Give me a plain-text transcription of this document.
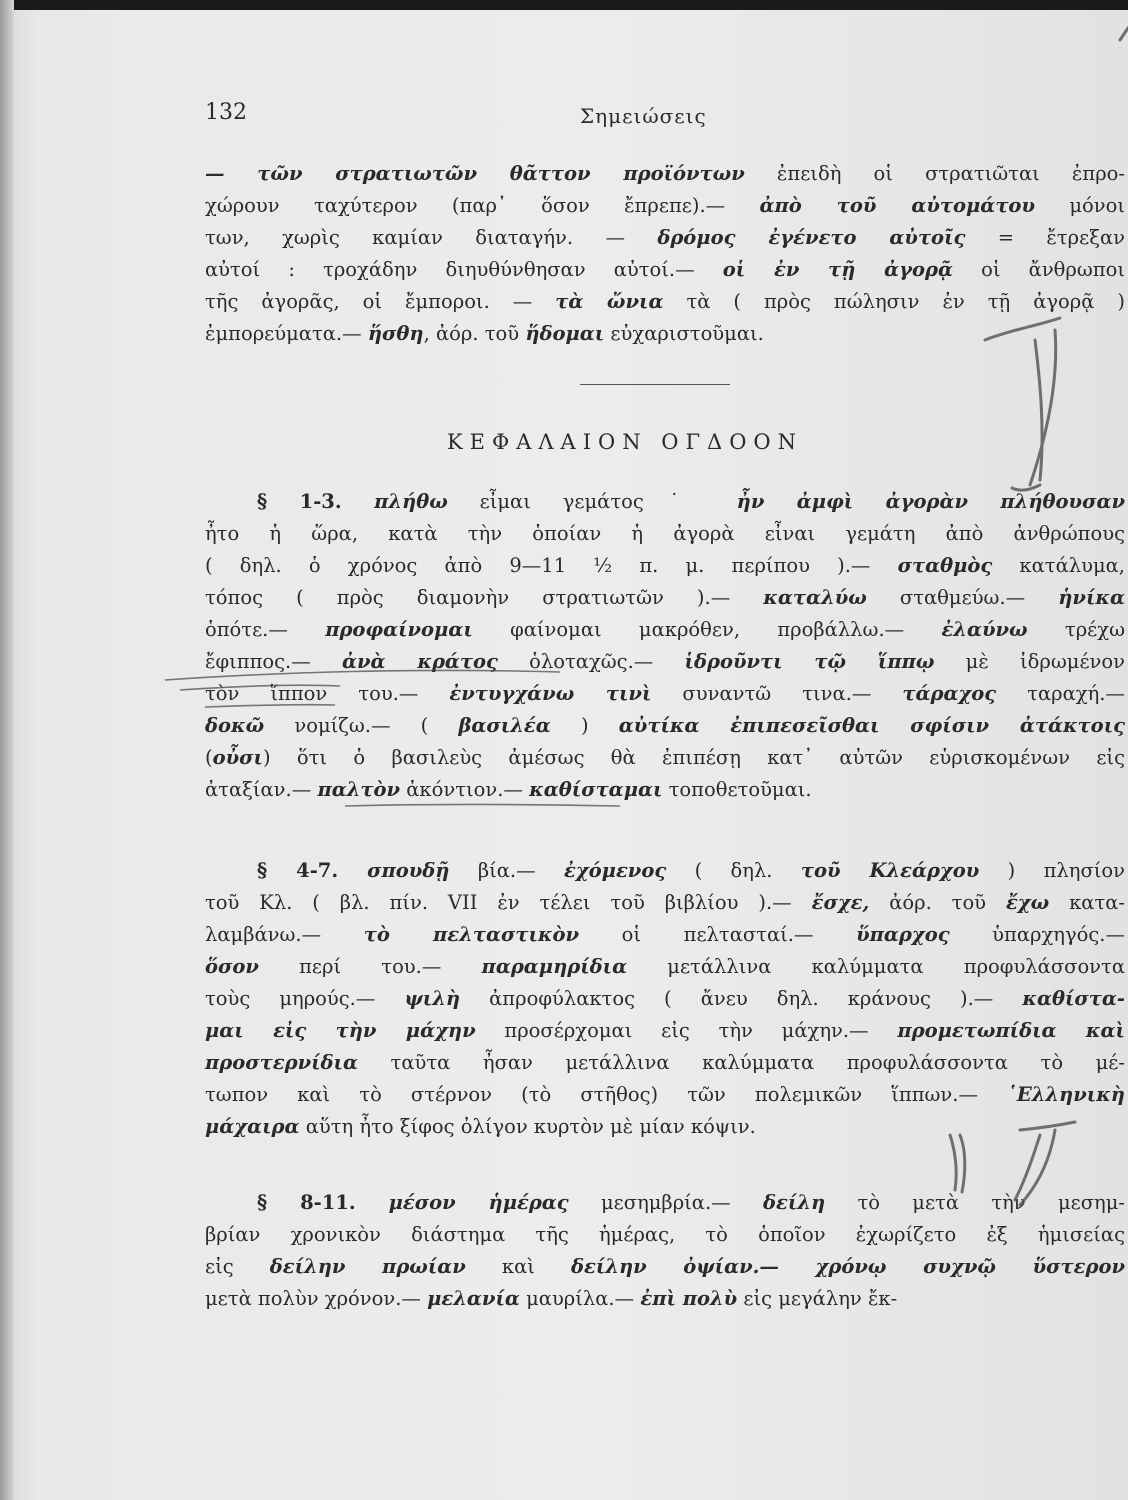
132	Σημειώσεις
— τῶν στρατιωτῶν θᾶττον προϊόντων ἐπειδὴ οἱ στρατιῶται ἐπρο-
χώρουν ταχύτερον (παρ᾽ ὅσον ἔπρεπε).— ἀπὸ τοῦ αὐτομάτου μόνοι
των, χωρὶς καμίαν διαταγήν. — δρόμος ἐγένετο αὐτοῖς = ἔτρεξαν
αὐτοί : τροχάδην διηυθύνθησαν αὐτοί.— οἱ ἐν τῇ ἀγορᾷ οἱ ἄνθρωποι
τῆς ἀγορᾶς, οἱ ἔμποροι. — τὰ ὤνια τὰ ( πρὸς πώλησιν ἐν τῇ ἀγορᾷ )
ἐμπορεύματα.— ἥσθη, ἀόρ. τοῦ ἥδομαι εὐχαριστοῦμαι.
ΚΕΦΑΛΑΙΟΝ ΟΓΔΟΟΝ
§ 1-3. πλήθω εἶμαι γεμάτος˙ ἦν ἀμφὶ ἀγορὰν πλήθουσαν
ἦτο ἡ ὥρα, κατὰ τὴν ὁποίαν ἡ ἀγορὰ εἶναι γεμάτη ἀπὸ ἀνθρώπους
( δηλ. ὁ χρόνος ἀπὸ 9—11 ½ π. μ. περίπου ).— σταθμὸς κατάλυμα,
τόπος ( πρὸς διαμονὴν στρατιωτῶν ).— καταλύω σταθμεύω.— ἡνίκα
ὁπότε.— προφαίνομαι φαίνομαι μακρόθεν, προβάλλω.— ἐλαύνω τρέχω
ἔφιππος.— ἀνὰ κράτος ὁλοταχῶς.— ἱδροῦντι τῷ ἵππῳ μὲ ἱδρωμένον
τὸν ἵππον του.— ἐντυγχάνω τινὶ συναντῶ τινα.— τάραχος ταραχή.—
δοκῶ νομίζω.— ( βασιλέα ) αὐτίκα ἐπιπεσεῖσθαι σφίσιν ἀτάκτοις
(οὖσι) ὅτι ὁ βασιλεὺς ἀμέσως θὰ ἐπιπέσῃ κατ᾽ αὐτῶν εὑρισκομένων εἰς
ἀταξίαν.— παλτὸν ἀκόντιον.— καθίσταμαι τοποθετοῦμαι.
§ 4-7. σπουδῇ βία.— ἐχόμενος ( δηλ. τοῦ Κλεάρχου ) πλησίον
τοῦ Κλ. ( βλ. πίν. VII ἐν τέλει τοῦ βιβλίου ).— ἔσχε, ἀόρ. τοῦ ἔχω κατα-
λαμβάνω.— τὸ πελταστικὸν οἱ πελτασταί.— ὕπαρχος ὑπαρχηγός.—
ὅσον περί του.— παραμηρίδια μετάλλινα καλύμματα προφυλάσσοντα
τοὺς μηρούς.— ψιλὴ ἀπροφύλακτος ( ἄνευ δηλ. κράνους ).— καθίστα-
μαι εἰς τὴν μάχην προσέρχομαι εἰς τὴν μάχην.— προμετωπίδια καὶ
προστερνίδια ταῦτα ἦσαν μετάλλινα καλύμματα προφυλάσσοντα τὸ μέ-
τωπον καὶ τὸ στέρνον (τὸ στῆθος) τῶν πολεμικῶν ἵππων.— ῾Ελληνικὴ
μάχαιρα αὕτη ἦτο ξίφος ὀλίγον κυρτὸν μὲ μίαν κόψιν.
§ 8-11. μέσον ἡμέρας μεσημβρία.— δείλη τὸ μετὰ τὴν μεσημ-
βρίαν χρονικὸν διάστημα τῆς ἡμέρας, τὸ ὁποῖον ἐχωρίζετο ἐξ ἡμισείας
εἰς δείλην πρωίαν καὶ δείλην ὀψίαν.— χρόνῳ συχνῷ ὕστερον
μετὰ πολὺν χρόνον.— μελανία μαυρίλα.— ἐπὶ πολὺ εἰς μεγάλην ἔκ-
